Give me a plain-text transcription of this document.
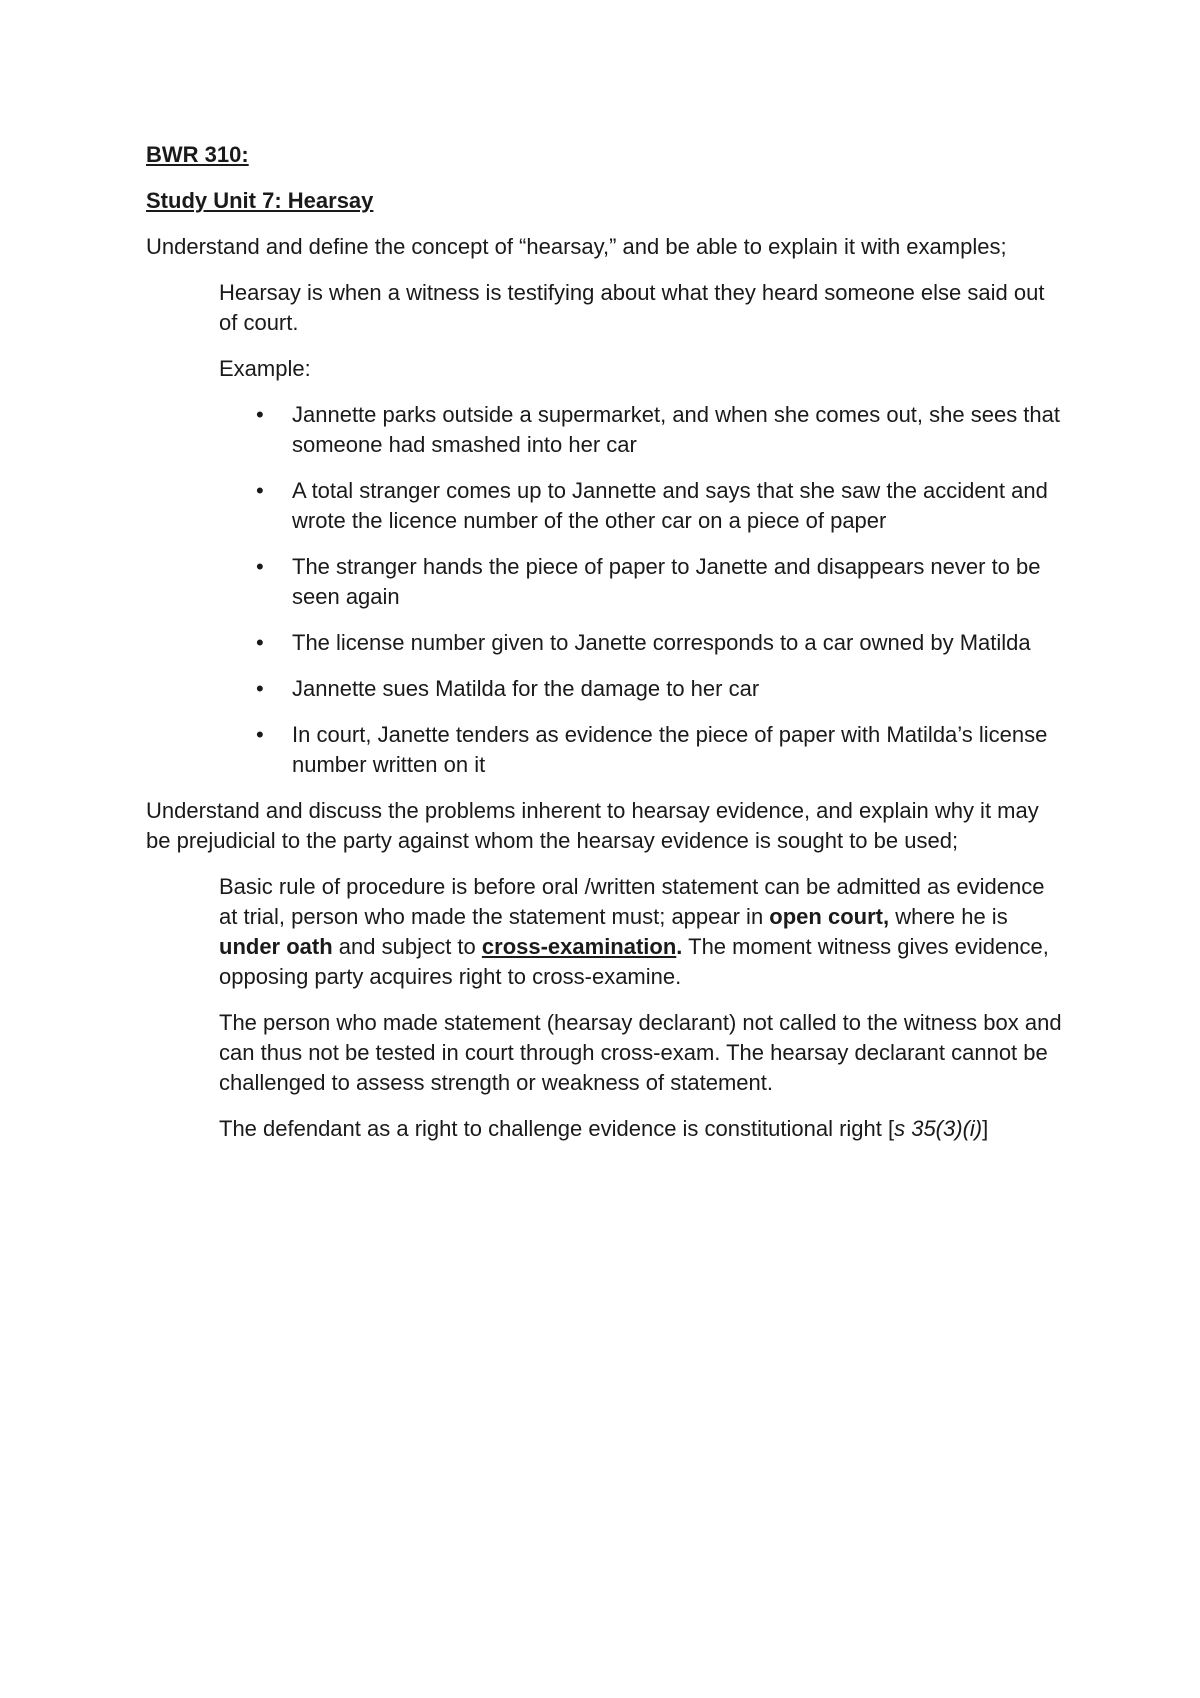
BWR 310:
Study Unit 7: Hearsay

Understand and define the concept of “hearsay,” and be able to explain it with examples;

Hearsay is when a witness is testifying about what they heard someone else said out of court.

Example:

• Jannette parks outside a supermarket, and when she comes out, she sees that someone had smashed into her car
• A total stranger comes up to Jannette and says that she saw the accident and wrote the licence number of the other car on a piece of paper
• The stranger hands the piece of paper to Janette and disappears never to be seen again
• The license number given to Janette corresponds to a car owned by Matilda
• Jannette sues Matilda for the damage to her car
• In court, Janette tenders as evidence the piece of paper with Matilda’s license number written on it

Understand and discuss the problems inherent to hearsay evidence, and explain why it may be prejudicial to the party against whom the hearsay evidence is sought to be used;

Basic rule of procedure is before oral /written statement can be admitted as evidence at trial, person who made the statement must; appear in open court, where he is under oath and subject to cross-examination. The moment witness gives evidence, opposing party acquires right to cross-examine.

The person who made statement (hearsay declarant) not called to the witness box and can thus not be tested in court through cross-exam. The hearsay declarant cannot be challenged to assess strength or weakness of statement.

The defendant as a right to challenge evidence is constitutional right [s 35(3)(i)]
